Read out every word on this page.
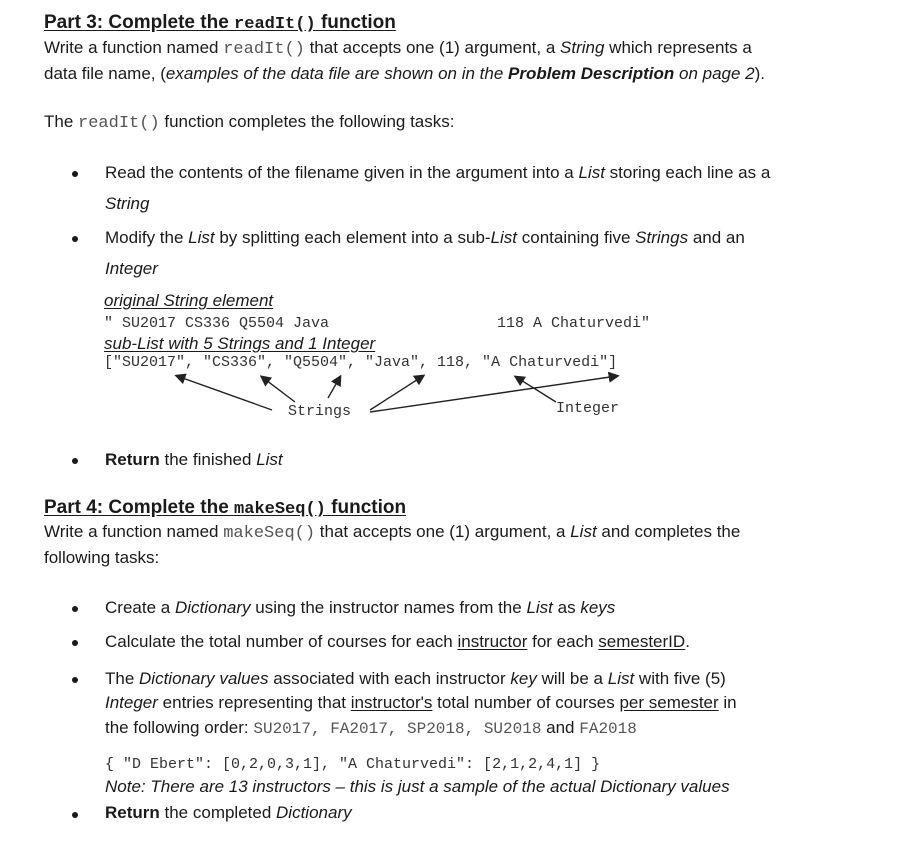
Part 3: Complete the readIt() function
Write a function named readIt() that accepts one (1) argument, a String which represents a
data file name, (examples of the data file are shown on in the Problem Description on page 2).
The readIt() function completes the following tasks:
Read the contents of the filename given in the argument into a List storing each line as a
String
Modify the List by splitting each element into a sub-List containing five Strings and an
Integer
original String element
" SU2017 CS336 Q5504 Java	118 A Chaturvedi"
sub-List with 5 Strings and 1 Integer
["SU2017", "CS336", "Q5504", "Java", 118, "A Chaturvedi"]
Strings	Integer
Return the finished List
Part 4: Complete the makeSeq() function
Write a function named makeSeq() that accepts one (1) argument, a List and completes the
following tasks:
Create a Dictionary using the instructor names from the List as keys
Calculate the total number of courses for each instructor for each semesterID.
The Dictionary values associated with each instructor key will be a List with five (5)
Integer entries representing that instructor's total number of courses per semester in
the following order: SU2017, FA2017, SP2018, SU2018 and FA2018
{ "D Ebert": [0,2,0,3,1], "A Chaturvedi": [2,1,2,4,1] }
Note: There are 13 instructors – this is just a sample of the actual Dictionary values
Return the completed Dictionary
